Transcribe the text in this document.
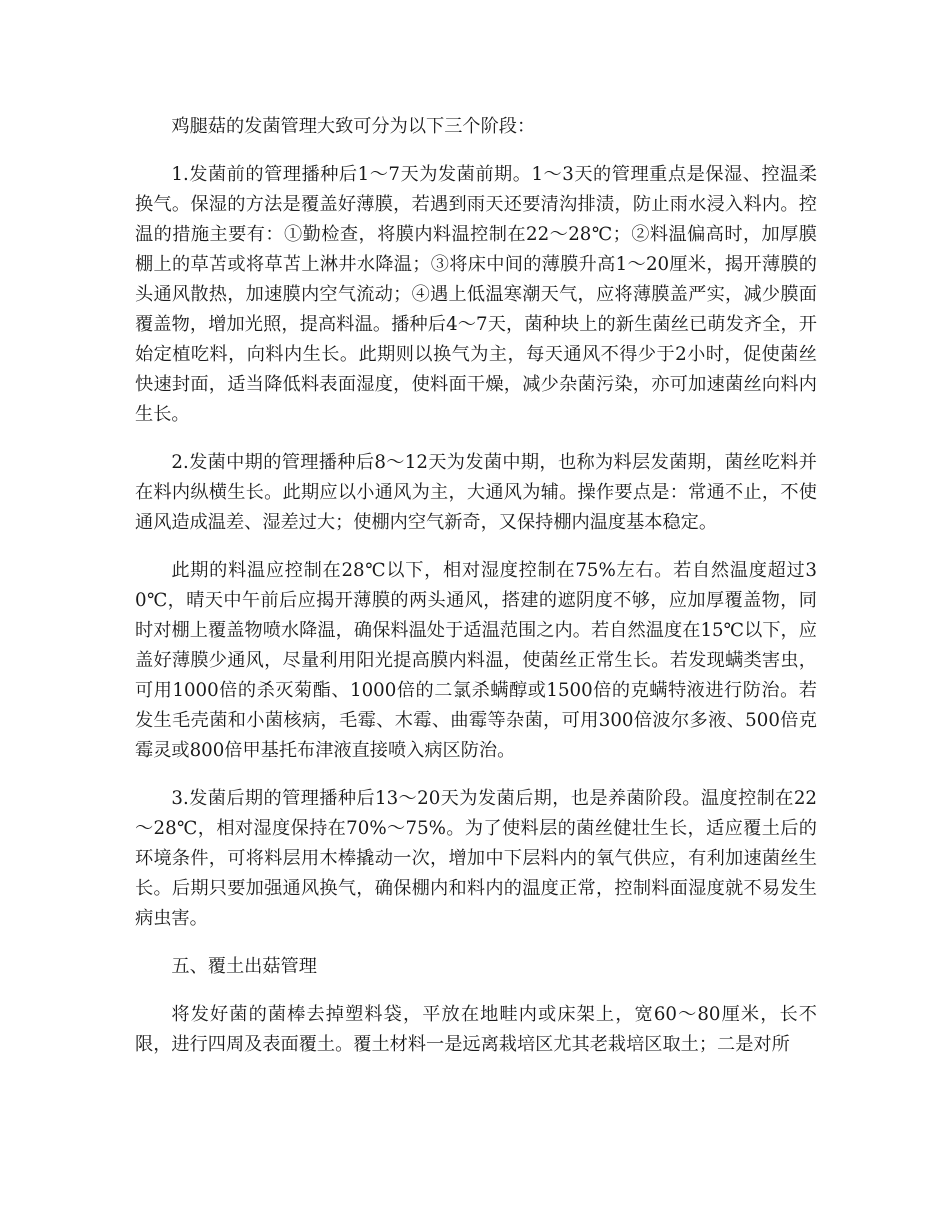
鸡腿菇的发菌管理大致可分为以下三个阶段：

1.发菌前的管理播种后1～7天为发菌前期。1～3天的管理重点是保湿、控温柔换气。保湿的方法是覆盖好薄膜，若遇到雨天还要清沟排渍，防止雨水浸入料内。控温的措施主要有：①勤检查，将膜内料温控制在22～28℃；②料温偏高时，加厚膜棚上的草苫或将草苫上淋井水降温；③将床中间的薄膜升高1～20厘米，揭开薄膜的头通风散热，加速膜内空气流动；④遇上低温寒潮天气，应将薄膜盖严实，减少膜面覆盖物，增加光照，提高料温。播种后4～7天，菌种块上的新生菌丝已萌发齐全，开始定植吃料，向料内生长。此期则以换气为主，每天通风不得少于2小时，促使菌丝快速封面，适当降低料表面湿度，使料面干燥，减少杂菌污染，亦可加速菌丝向料内生长。

2.发菌中期的管理播种后8～12天为发菌中期，也称为料层发菌期，菌丝吃料并在料内纵横生长。此期应以小通风为主，大通风为辅。操作要点是：常通不止，不使通风造成温差、湿差过大；使棚内空气新奇，又保持棚内温度基本稳定。

此期的料温应控制在28℃以下，相对湿度控制在75%左右。若自然温度超过30℃，晴天中午前后应揭开薄膜的两头通风，搭建的遮阴度不够，应加厚覆盖物，同时对棚上覆盖物喷水降温，确保料温处于适温范围之内。若自然温度在15℃以下，应盖好薄膜少通风，尽量利用阳光提高膜内料温，使菌丝正常生长。若发现螨类害虫，可用1000倍的杀灭菊酯、1000倍的二氯杀螨醇或1500倍的克螨特液进行防治。若发生毛壳菌和小菌核病，毛霉、木霉、曲霉等杂菌，可用300倍波尔多液、500倍克霉灵或800倍甲基托布津液直接喷入病区防治。

3.发菌后期的管理播种后13～20天为发菌后期，也是养菌阶段。温度控制在22～28℃，相对湿度保持在70%～75%。为了使料层的菌丝健壮生长，适应覆土后的环境条件，可将料层用木棒撬动一次，增加中下层料内的氧气供应，有利加速菌丝生长。后期只要加强通风换气，确保棚内和料内的温度正常，控制料面湿度就不易发生病虫害。

五、覆土出菇管理

将发好菌的菌棒去掉塑料袋，平放在地畦内或床架上，宽60～80厘米，长不限，进行四周及表面覆土。覆土材料一是远离栽培区尤其老栽培区取土；二是对所
